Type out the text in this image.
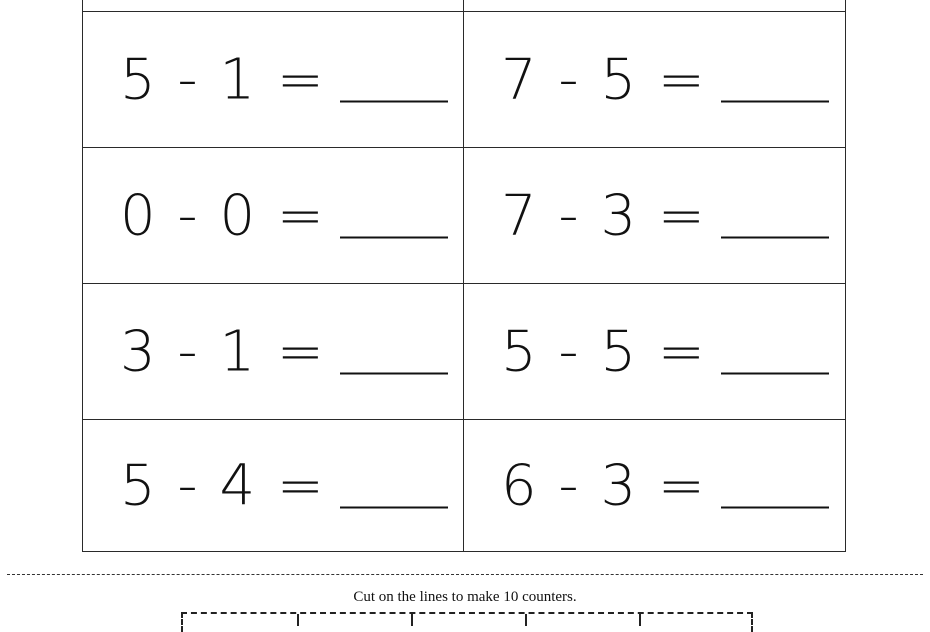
5 - 1 =	7 - 5 =
0 - 0 =	7 - 3 =
3 - 1 =	5 - 5 =
5 - 4 =	6 - 3 =
Cut on the lines to make 10 counters.
